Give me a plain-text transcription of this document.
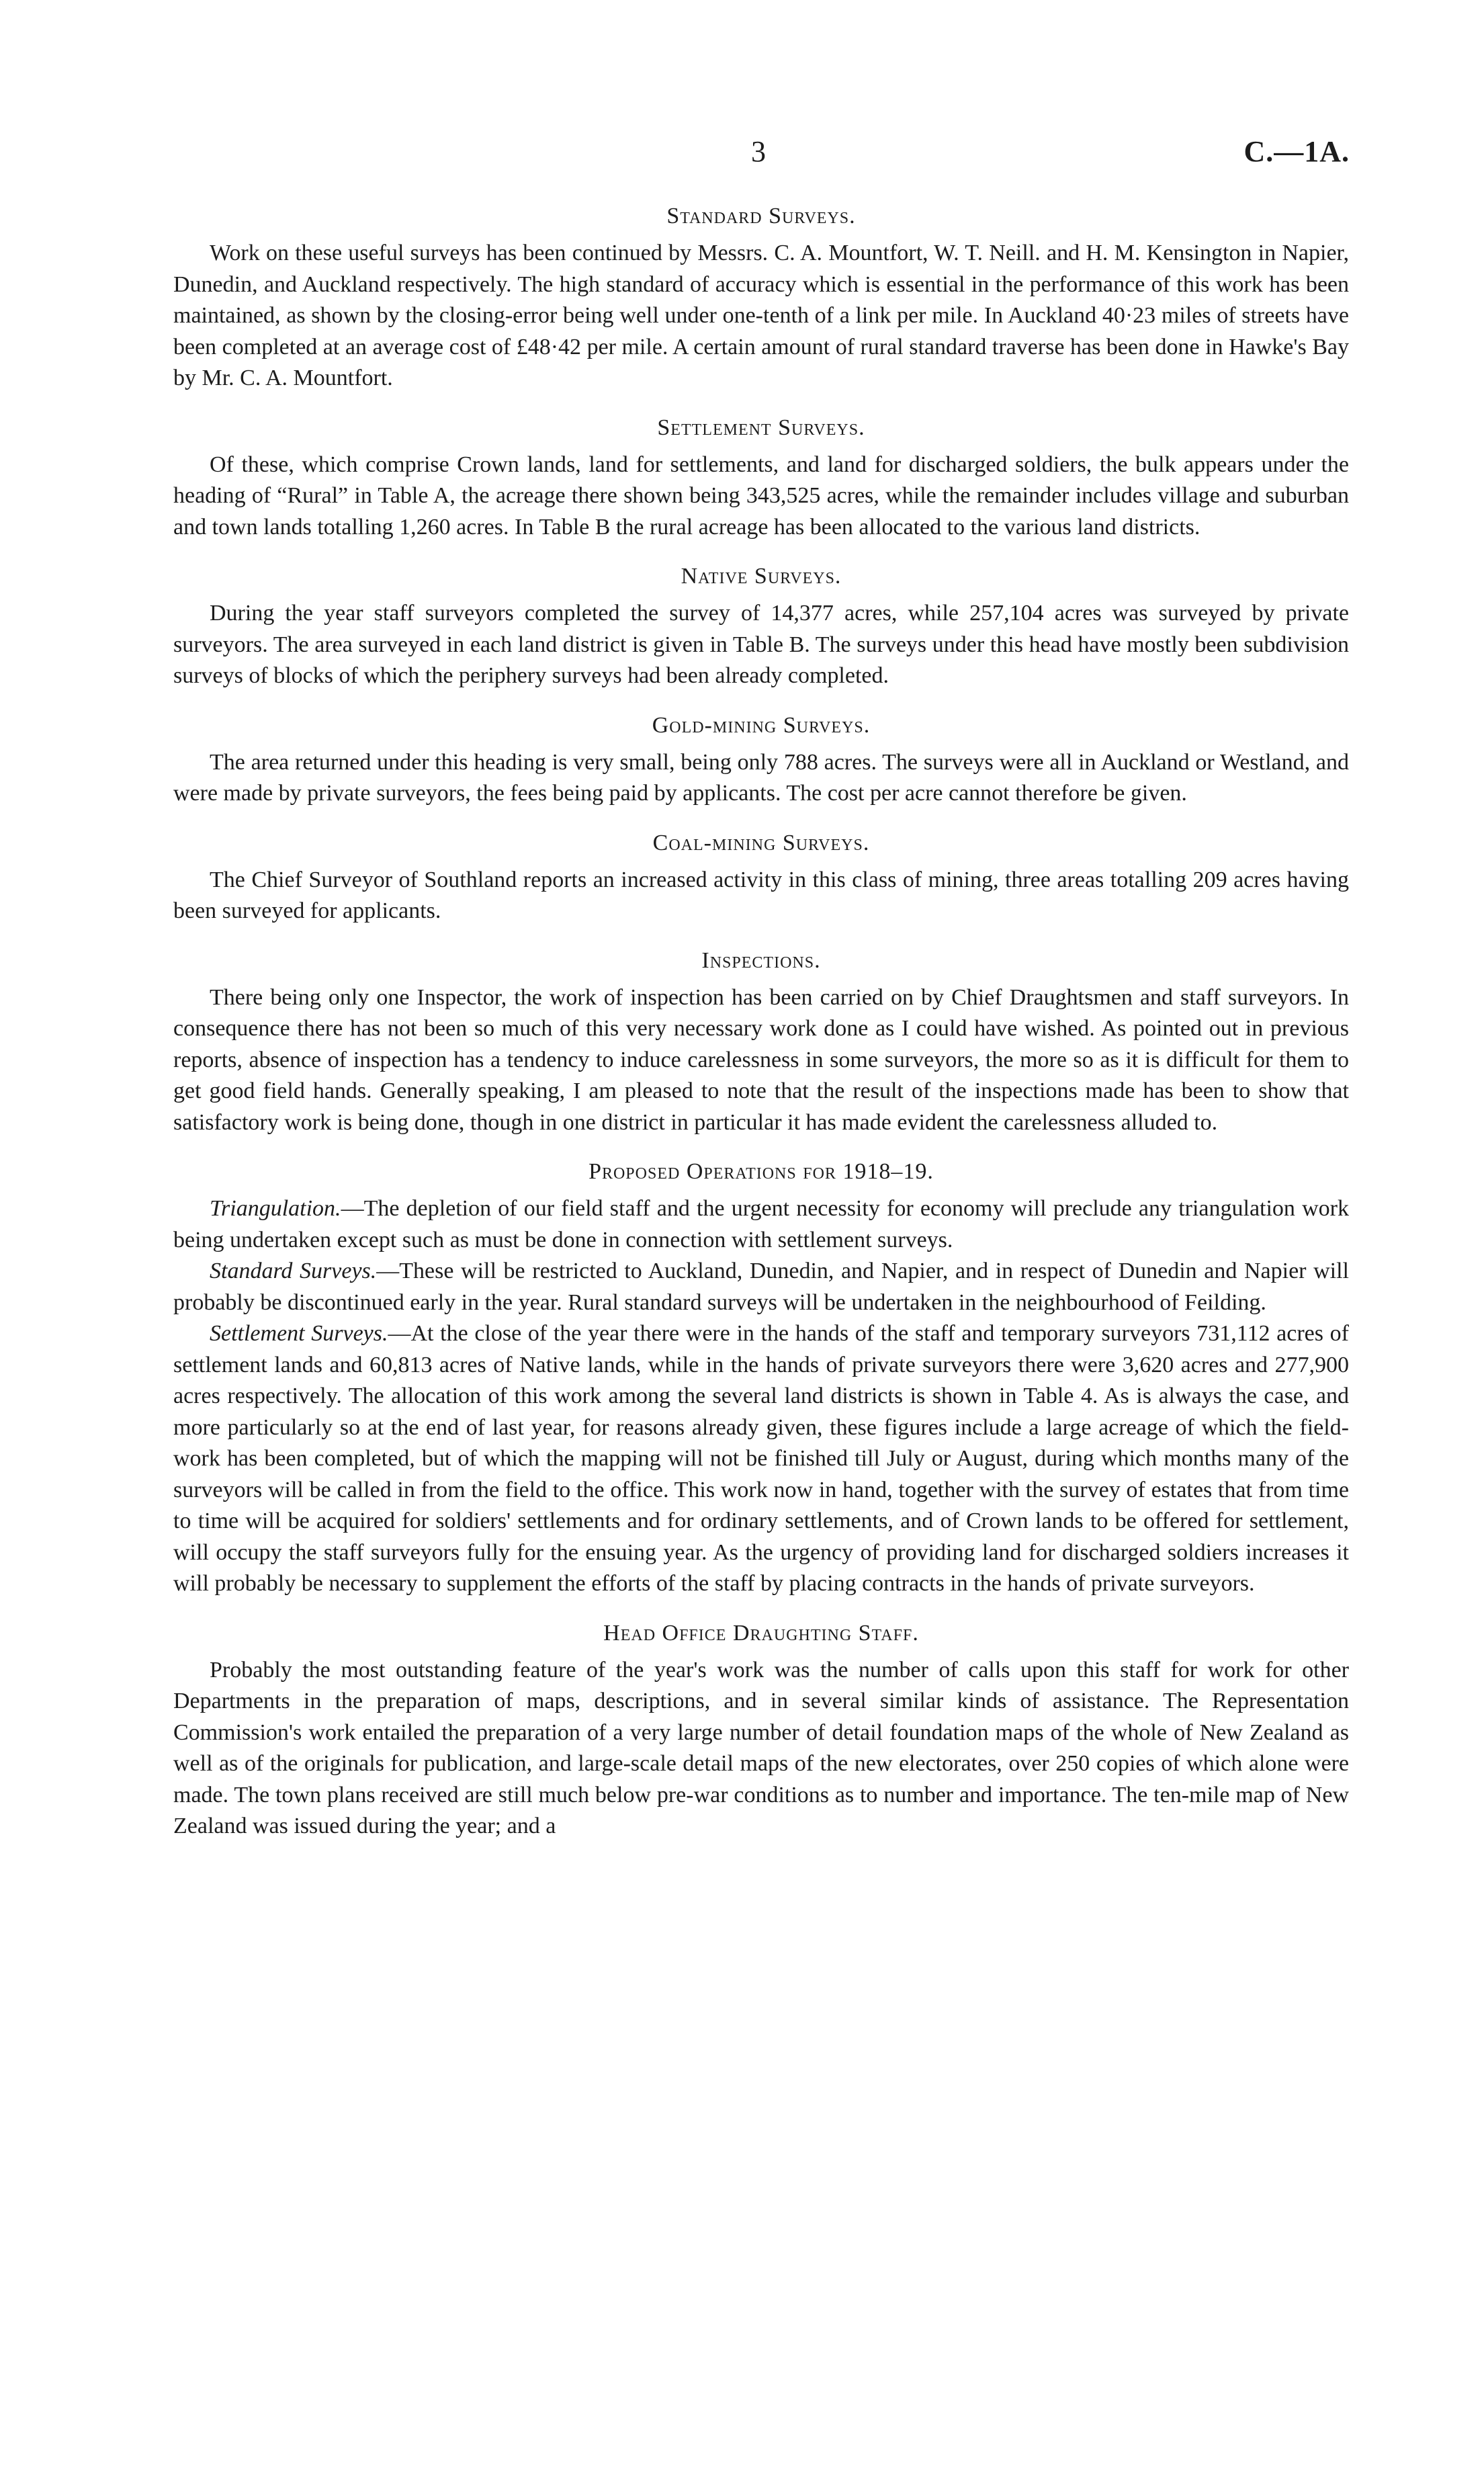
3	C.—1A.
Standard Surveys.

Work on these useful surveys has been continued by Messrs. C. A. Mountfort, W. T. Neill. and H. M. Kensington in Napier, Dunedin, and Auckland respectively. The high standard of accuracy which is essential in the performance of this work has been maintained, as shown by the closing-error being well under one-tenth of a link per mile. In Auckland 40·23 miles of streets have been completed at an average cost of £48·42 per mile. A certain amount of rural standard traverse has been done in Hawke's Bay by Mr. C. A. Mountfort.

Settlement Surveys.

Of these, which comprise Crown lands, land for settlements, and land for discharged soldiers, the bulk appears under the heading of “Rural” in Table A, the acreage there shown being 343,525 acres, while the remainder includes village and suburban and town lands totalling 1,260 acres. In Table B the rural acreage has been allocated to the various land districts.

Native Surveys.

During the year staff surveyors completed the survey of 14,377 acres, while 257,104 acres was surveyed by private surveyors. The area surveyed in each land district is given in Table B. The surveys under this head have mostly been subdivision surveys of blocks of which the periphery surveys had been already completed.

Gold-mining Surveys.

The area returned under this heading is very small, being only 788 acres. The surveys were all in Auckland or Westland, and were made by private surveyors, the fees being paid by applicants. The cost per acre cannot therefore be given.

Coal-mining Surveys.

The Chief Surveyor of Southland reports an increased activity in this class of mining, three areas totalling 209 acres having been surveyed for applicants.

Inspections.

There being only one Inspector, the work of inspection has been carried on by Chief Draughtsmen and staff surveyors. In consequence there has not been so much of this very necessary work done as I could have wished. As pointed out in previous reports, absence of inspection has a tendency to induce carelessness in some surveyors, the more so as it is difficult for them to get good field hands. Generally speaking, I am pleased to note that the result of the inspections made has been to show that satisfactory work is being done, though in one district in particular it has made evident the carelessness alluded to.

Proposed Operations for 1918–19.

Triangulation.—The depletion of our field staff and the urgent necessity for economy will preclude any triangulation work being undertaken except such as must be done in connection with settlement surveys.

Standard Surveys.—These will be restricted to Auckland, Dunedin, and Napier, and in respect of Dunedin and Napier will probably be discontinued early in the year. Rural standard surveys will be undertaken in the neighbourhood of Feilding.

Settlement Surveys.—At the close of the year there were in the hands of the staff and temporary surveyors 731,112 acres of settlement lands and 60,813 acres of Native lands, while in the hands of private surveyors there were 3,620 acres and 277,900 acres respectively. The allocation of this work among the several land districts is shown in Table 4. As is always the case, and more particularly so at the end of last year, for reasons already given, these figures include a large acreage of which the field-work has been completed, but of which the mapping will not be finished till July or August, during which months many of the surveyors will be called in from the field to the office. This work now in hand, together with the survey of estates that from time to time will be acquired for soldiers' settlements and for ordinary settlements, and of Crown lands to be offered for settlement, will occupy the staff surveyors fully for the ensuing year. As the urgency of providing land for discharged soldiers increases it will probably be necessary to supplement the efforts of the staff by placing contracts in the hands of private surveyors.

Head Office Draughting Staff.

Probably the most outstanding feature of the year's work was the number of calls upon this staff for work for other Departments in the preparation of maps, descriptions, and in several similar kinds of assistance. The Representation Commission's work entailed the preparation of a very large number of detail foundation maps of the whole of New Zealand as well as of the originals for publication, and large-scale detail maps of the new electorates, over 250 copies of which alone were made. The town plans received are still much below pre-war conditions as to number and importance. The ten-mile map of New Zealand was issued during the year; and a
